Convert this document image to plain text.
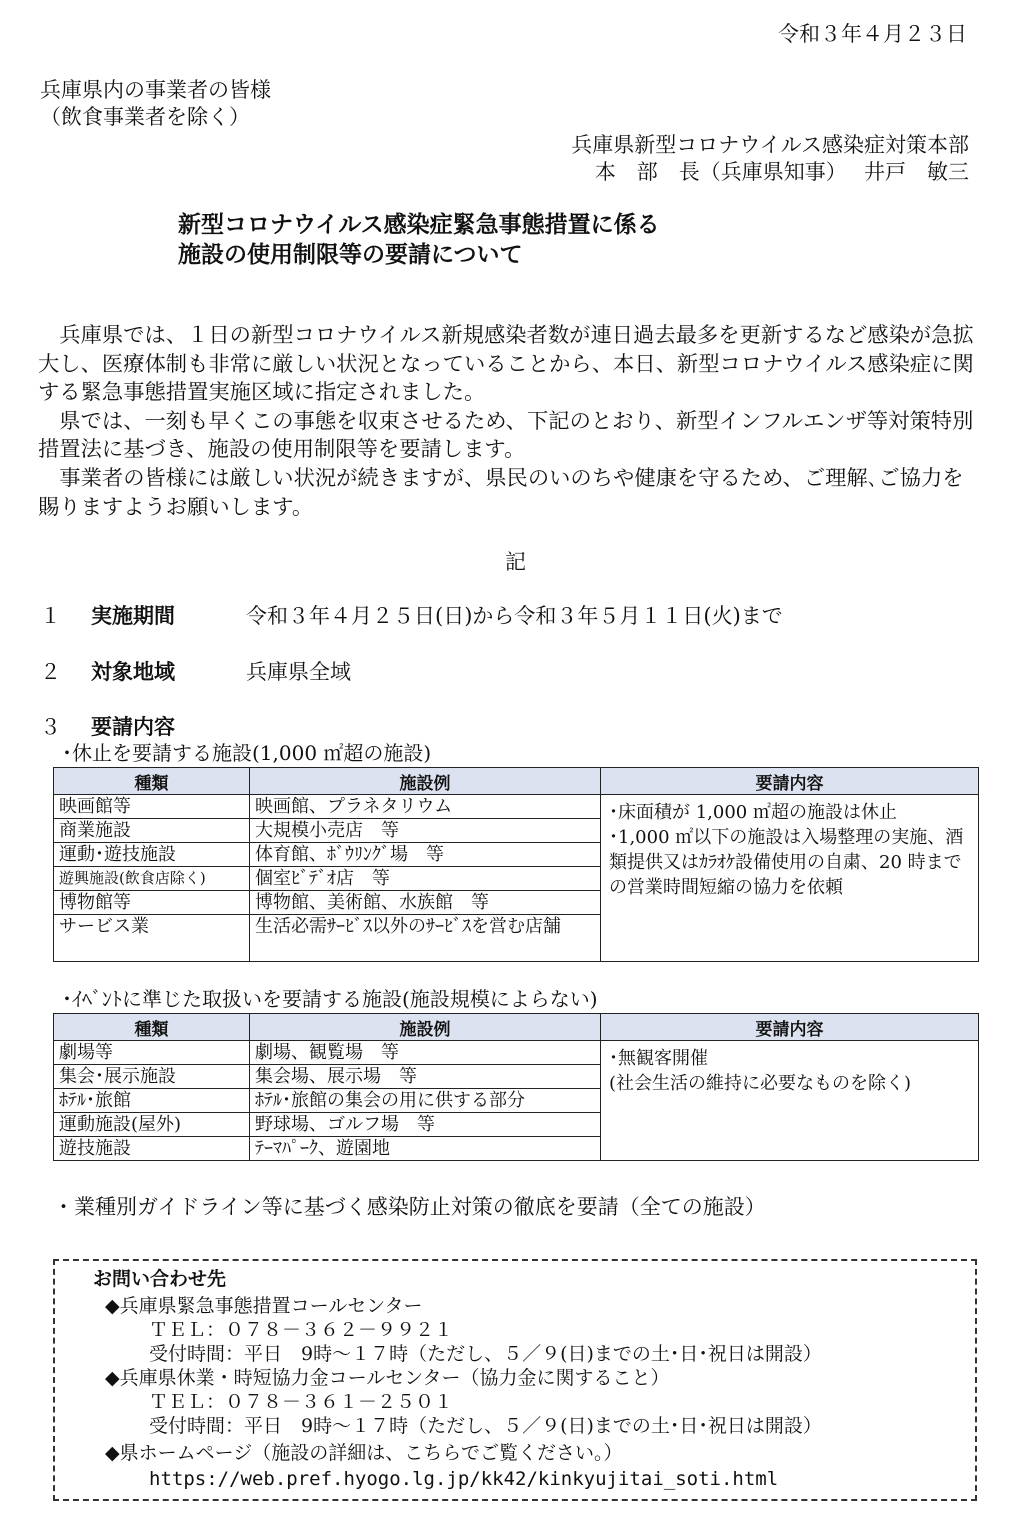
令和３年４月２３日
兵庫県内の事業者の皆様
（飲食事業者を除く）
兵庫県新型コロナウイルス感染症対策本部
本　部　長（兵庫県知事）　 井戸　敏三
新型コロナウイルス感染症緊急事態措置に係る
施設の使用制限等の要請について

　兵庫県では、１日の新型コロナウイルス新規感染者数が連日過去最多を更新するなど感染が急拡大し、医療体制も非常に厳しい状況となっていることから、本日、新型コロナウイルス感染症に関する緊急事態措置実施区域に指定されました。

　県では、一刻も早くこの事態を収束させるため、下記のとおり、新型インフルエンザ等対策特別措置法に基づき、施設の使用制限等を要請します。

　事業者の皆様には厳しい状況が続きますが、県民のいのちや健康を守るため、ご理解､ご協力を賜りますようお願いします。

記
１ 実施期間	令和３年４月２５日(日)から令和３年５月１１日(火)まで
２ 対象地域	兵庫県全域
３ 要請内容
･休止を要請する施設(1,000 ㎡超の施設)
種類	施設例	要請内容
映画館等	映画館、プラネタリウム	･床面積が 1,000 ㎡超の施設は休止
･1,000 ㎡以下の施設は入場整理の実施、酒類提供又はｶﾗｵｹ設備使用の自粛、20 時までの営業時間短縮の協力を依頼

商業施設	大規模小売店　等	
運動･遊技施設	体育館、ﾎﾞｳﾘﾝｸﾞ場　等	
遊興施設(飲食店除く)	個室ﾋﾞﾃﾞｵ店　等	
博物館等	博物館、美術館、水族館　等	
サービス業	生活必需ｻｰﾋﾞｽ以外のｻｰﾋﾞｽを営む店舗	
･ｲﾍﾞﾝﾄに準じた取扱いを要請する施設(施設規模によらない)
種類	施設例	要請内容
劇場等	劇場、観覧場　等	･無観客開催
(社会生活の維持に必要なものを除く)

集会･展示施設	集会場、展示場　等	
ﾎﾃﾙ･旅館	ﾎﾃﾙ･旅館の集会の用に供する部分	
運動施設(屋外)	野球場、ゴルフ場　等	
遊技施設	ﾃｰﾏﾊﾟｰｸ、遊園地	
・業種別ガイドライン等に基づく感染防止対策の徹底を要請（全ての施設）
お問い合わせ先
◆兵庫県緊急事態措置コールセンター
ＴＥＬ：０７８－３６２－９９２１
受付時間：平日　9時～１７時（ただし、５／９(日)までの土･日･祝日は開設）
◆兵庫県休業・時短協力金コールセンター（協力金に関すること）
ＴＥＬ：０７８－３６１－２５０１
受付時間：平日　9時～１７時（ただし、５／９(日)までの土･日･祝日は開設）
◆県ホームページ（施設の詳細は、こちらでご覧ください。）
https://web.pref.hyogo.lg.jp/kk42/kinkyujitai_soti.html
